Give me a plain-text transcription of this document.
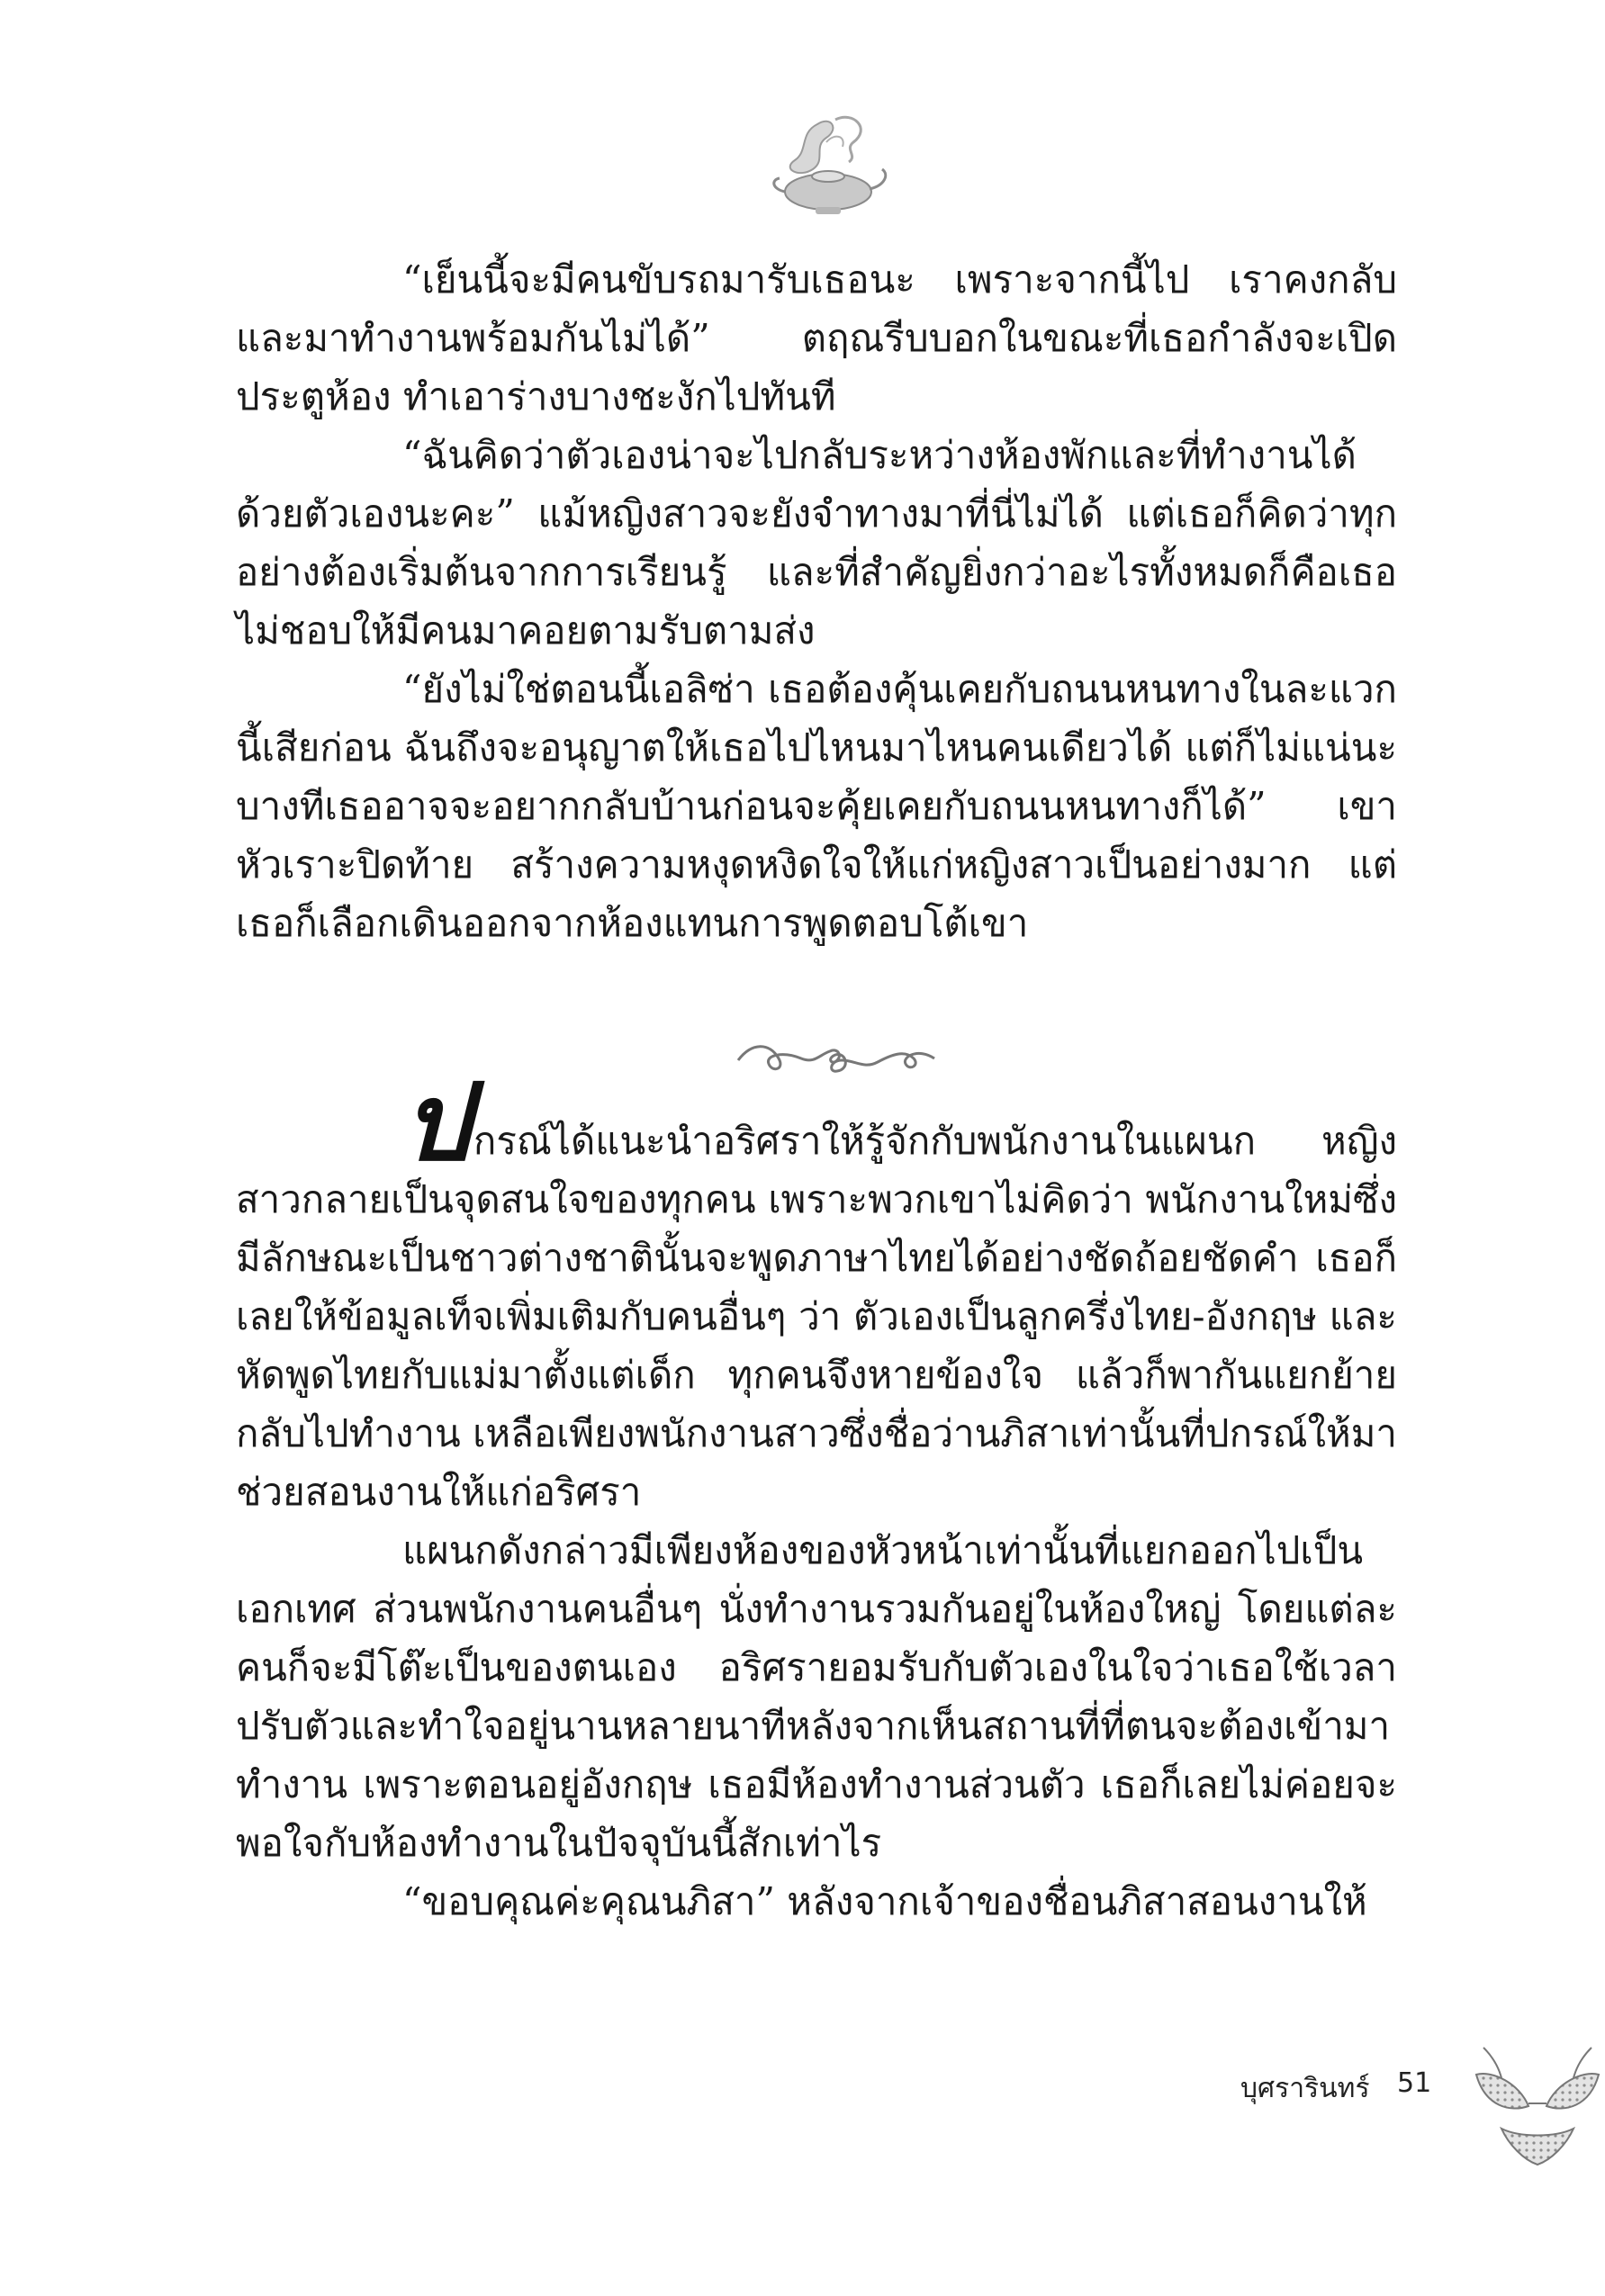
“เย็นนี้จะมีคนขับรถมารับเธอนะ เพราะจากนี้ไป เราคงกลับและมาทำงานพร้อมกันไม่ได้” ตฤณรีบบอกในขณะที่เธอกำลังจะเปิดประตูห้อง ทำเอาร่างบางชะงักไปทันที

“ฉันคิดว่าตัวเองน่าจะไปกลับระหว่างห้องพักและที่ทำงานได้ด้วยตัวเองนะคะ” แม้หญิงสาวจะยังจำทางมาที่นี่ไม่ได้ แต่เธอก็คิดว่าทุกอย่างต้องเริ่มต้นจากการเรียนรู้ และที่สำคัญยิ่งกว่าอะไรทั้งหมดก็คือเธอไม่ชอบให้มีคนมาคอยตามรับตามส่ง

“ยังไม่ใช่ตอนนี้เอลิซ่า เธอต้องคุ้นเคยกับถนนหนทางในละแวกนี้เสียก่อน ฉันถึงจะอนุญาตให้เธอไปไหนมาไหนคนเดียวได้ แต่ก็ไม่แน่นะ บางทีเธออาจจะอยากกลับบ้านก่อนจะคุ้ยเคยกับถนนหนทางก็ได้” เขาหัวเราะปิดท้าย สร้างความหงุดหงิดใจให้แก่หญิงสาวเป็นอย่างมาก แต่เธอก็เลือกเดินออกจากห้องแทนการพูดตอบโต้เขา

ปกรณ์ได้แนะนำอริศราให้รู้จักกับพนักงานในแผนก หญิงสาวกลายเป็นจุดสนใจของทุกคน เพราะพวกเขาไม่คิดว่า พนักงานใหม่ซึ่งมีลักษณะเป็นชาวต่างชาตินั้นจะพูดภาษาไทยได้อย่างชัดถ้อยชัดคำ เธอก็เลยให้ข้อมูลเท็จเพิ่มเติมกับคนอื่นๆ ว่า ตัวเองเป็นลูกครึ่งไทย-อังกฤษ และหัดพูดไทยกับแม่มาตั้งแต่เด็ก ทุกคนจึงหายข้องใจ แล้วก็พากันแยกย้ายกลับไปทำงาน เหลือเพียงพนักงานสาวซึ่งชื่อว่านภิสาเท่านั้นที่ปกรณ์ให้มาช่วยสอนงานให้แก่อริศรา

แผนกดังกล่าวมีเพียงห้องของหัวหน้าเท่านั้นที่แยกออกไปเป็นเอกเทศ ส่วนพนักงานคนอื่นๆ นั่งทำงานรวมกันอยู่ในห้องใหญ่ โดยแต่ละคนก็จะมีโต๊ะเป็นของตนเอง อริศรายอมรับกับตัวเองในใจว่าเธอใช้เวลาปรับตัวและทำใจอยู่นานหลายนาทีหลังจากเห็นสถานที่ที่ตนจะต้องเข้ามาทำงาน เพราะตอนอยู่อังกฤษ เธอมีห้องทำงานส่วนตัว เธอก็เลยไม่ค่อยจะพอใจกับห้องทำงานในปัจจุบันนี้สักเท่าไร

“ขอบคุณค่ะคุณนภิสา” หลังจากเจ้าของชื่อนภิสาสอนงานให้

บุศรารินทร์ 51
